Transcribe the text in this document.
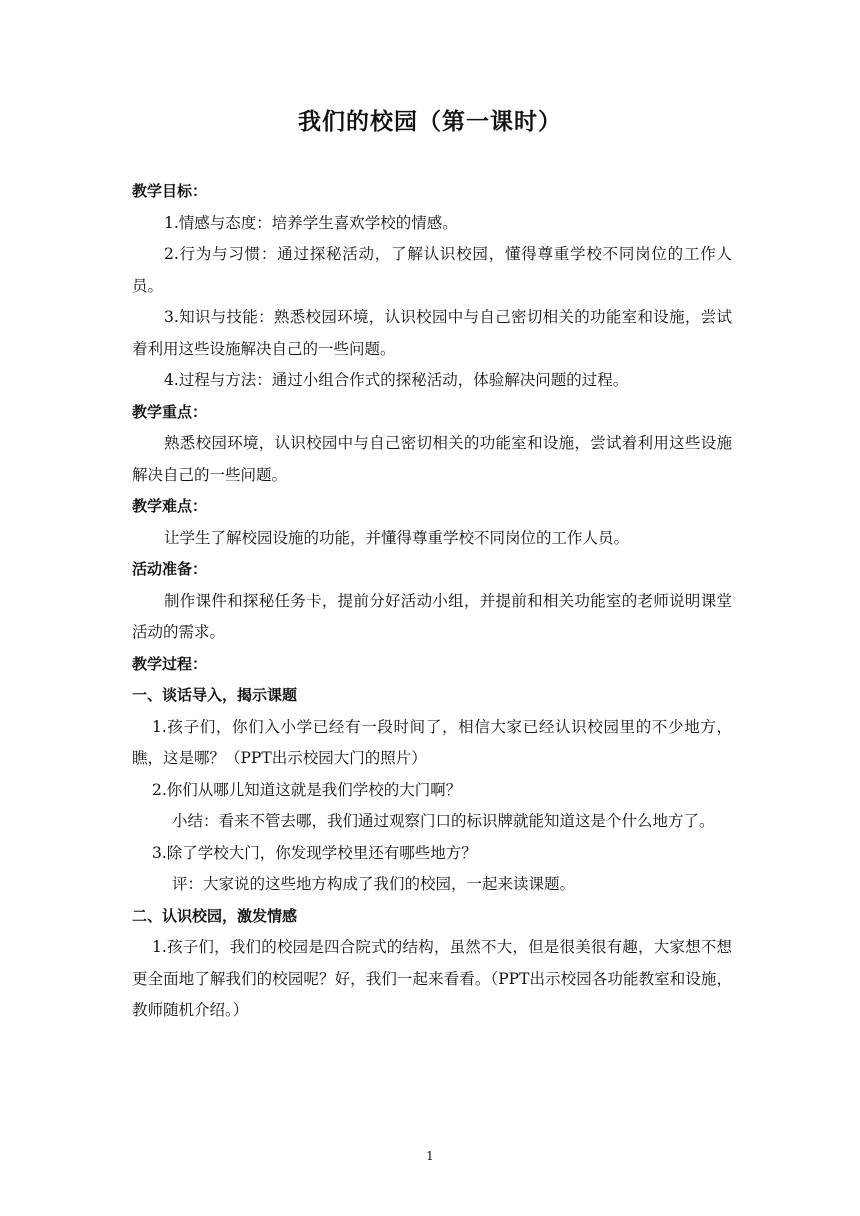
我们的校园（第一课时）

教学目标：

1.情感与态度：培养学生喜欢学校的情感。

2.行为与习惯：通过探秘活动，了解认识校园，懂得尊重学校不同岗位的工作人员。

3.知识与技能：熟悉校园环境，认识校园中与自己密切相关的功能室和设施，尝试着利用这些设施解决自己的一些问题。

4.过程与方法：通过小组合作式的探秘活动，体验解决问题的过程。

教学重点：

熟悉校园环境，认识校园中与自己密切相关的功能室和设施，尝试着利用这些设施解决自己的一些问题。

教学难点：

让学生了解校园设施的功能，并懂得尊重学校不同岗位的工作人员。

活动准备：

制作课件和探秘任务卡，提前分好活动小组，并提前和相关功能室的老师说明课堂活动的需求。

教学过程：

一、谈话导入，揭示课题

1.孩子们，你们入小学已经有一段时间了，相信大家已经认识校园里的不少地方，瞧，这是哪？（PPT出示校园大门的照片）

2.你们从哪儿知道这就是我们学校的大门啊？

小结：看来不管去哪，我们通过观察门口的标识牌就能知道这是个什么地方了。

3.除了学校大门，你发现学校里还有哪些地方？

评：大家说的这些地方构成了我们的校园，一起来读课题。

二、认识校园，激发情感

1.孩子们，我们的校园是四合院式的结构，虽然不大，但是很美很有趣，大家想不想更全面地了解我们的校园呢？好，我们一起来看看。（PPT出示校园各功能教室和设施，教师随机介绍。）

1
